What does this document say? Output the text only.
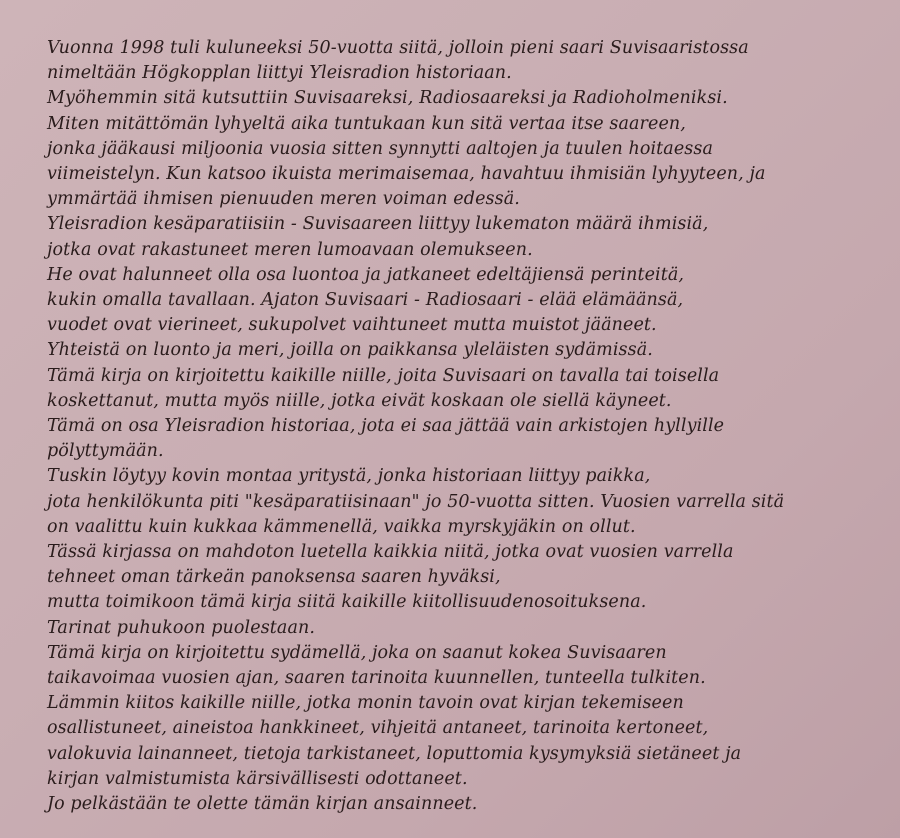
Vuonna 1998 tuli kuluneeksi 50-vuotta siitä, jolloin pieni saari Suvisaaristossa
nimeltään Högkopplan liittyi Yleisradion historiaan.
Myöhemmin sitä kutsuttiin Suvisaareksi, Radiosaareksi ja Radioholmeniksi.
Miten mitättömän lyhyeltä aika tuntukaan kun sitä vertaa itse saareen,
jonka jääkausi miljoonia vuosia sitten synnytti aaltojen ja tuulen hoitaessa
viimeistelyn. Kun katsoo ikuista merimaisemaa, havahtuu ihmisiän lyhyyteen, ja
ymmärtää ihmisen pienuuden meren voiman edessä.
Yleisradion kesäparatiisiin - Suvisaareen liittyy lukematon määrä ihmisiä,
jotka ovat rakastuneet meren lumoavaan olemukseen.
He ovat halunneet olla osa luontoa ja jatkaneet edeltäjiensä perinteitä,
kukin omalla tavallaan. Ajaton Suvisaari - Radiosaari - elää elämäänsä,
vuodet ovat vierineet, sukupolvet vaihtuneet mutta muistot jääneet.
Yhteistä on luonto ja meri, joilla on paikkansa yleläisten sydämissä.
Tämä kirja on kirjoitettu kaikille niille, joita Suvisaari on tavalla tai toisella
koskettanut, mutta myös niille, jotka eivät koskaan ole siellä käyneet.
Tämä on osa Yleisradion historiaa, jota ei saa jättää vain arkistojen hyllyille
pölyttymään.
Tuskin löytyy kovin montaa yritystä, jonka historiaan liittyy paikka,
jota henkilökunta piti "kesäparatiisinaan" jo 50-vuotta sitten. Vuosien varrella sitä
on vaalittu kuin kukkaa kämmenellä, vaikka myrskyjäkin on ollut.
Tässä kirjassa on mahdoton luetella kaikkia niitä, jotka ovat vuosien varrella
tehneet oman tärkeän panoksensa saaren hyväksi,
mutta toimikoon tämä kirja siitä kaikille kiitollisuudenosoituksena.
Tarinat puhukoon puolestaan.
Tämä kirja on kirjoitettu sydämellä, joka on saanut kokea Suvisaaren
taikavoimaa vuosien ajan, saaren tarinoita kuunnellen, tunteella tulkiten.
Lämmin kiitos kaikille niille, jotka monin tavoin ovat kirjan tekemiseen
osallistuneet, aineistoa hankkineet, vihjeitä antaneet, tarinoita kertoneet,
valokuvia lainanneet, tietoja tarkistaneet, loputtomia kysymyksiä sietäneet ja
kirjan valmistumista kärsivällisesti odottaneet.
Jo pelkästään te olette tämän kirjan ansainneet.
